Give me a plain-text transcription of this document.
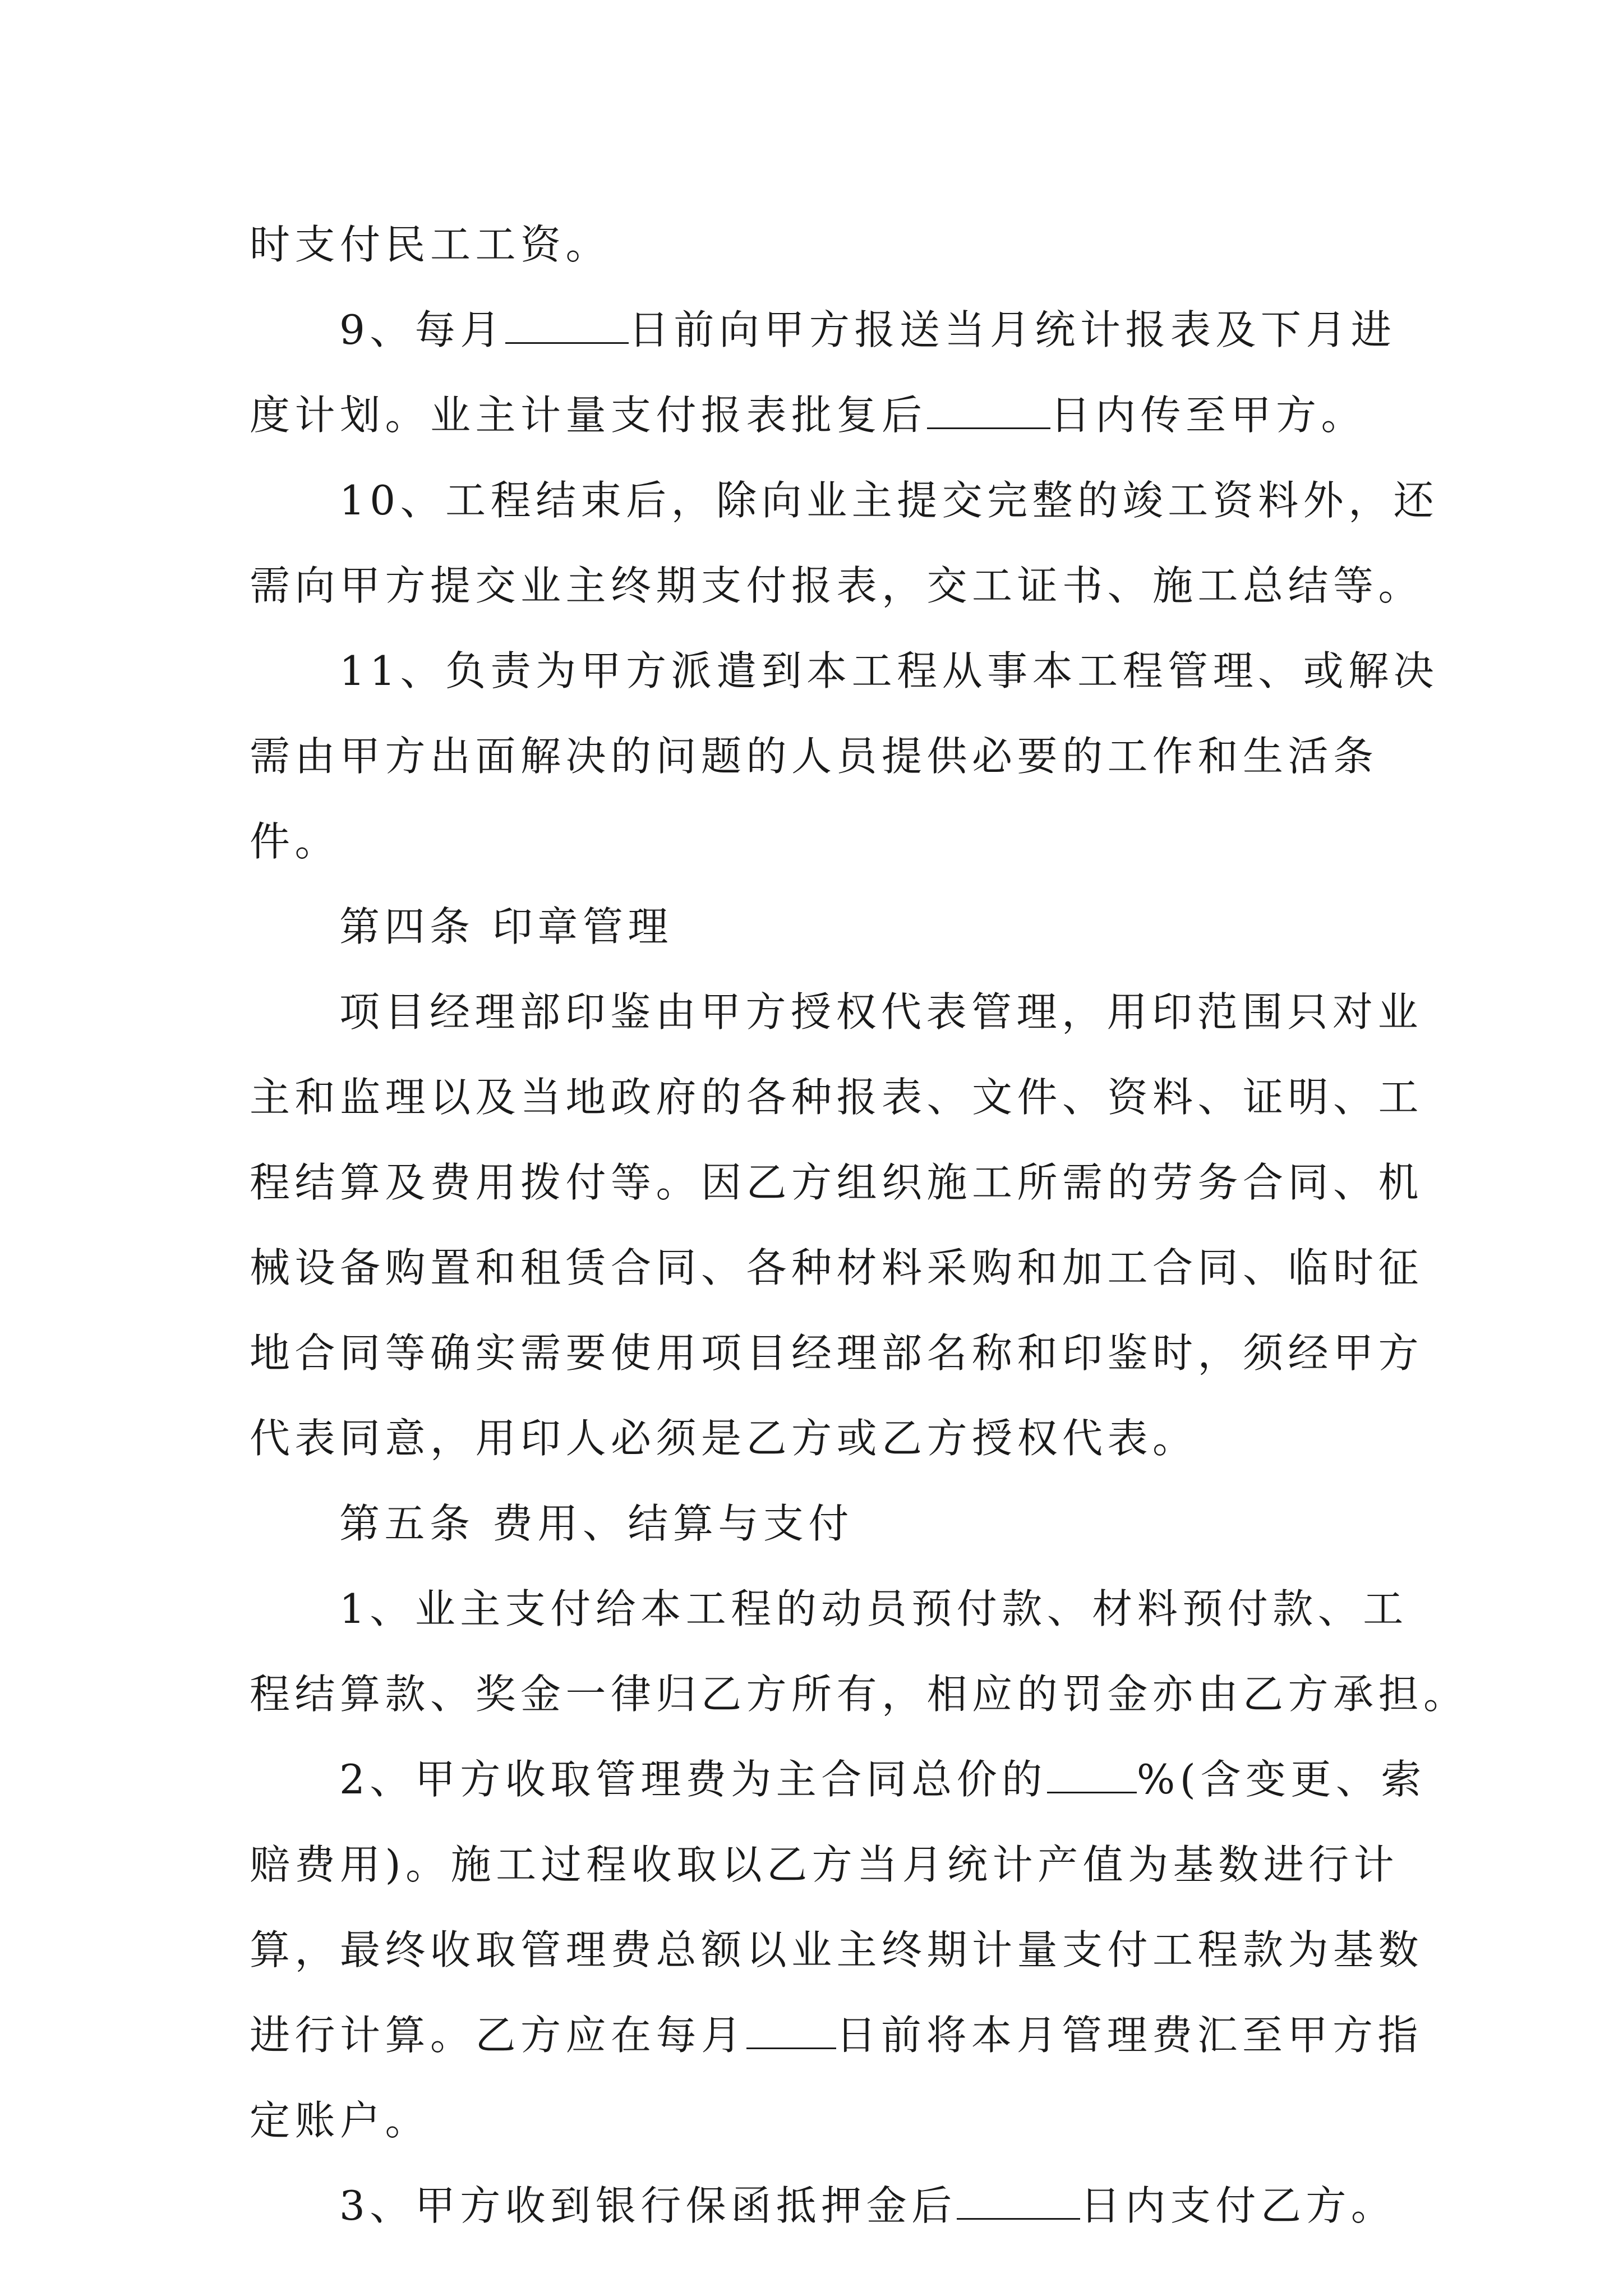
时支付民工工资。
9、每月	日前向甲方报送当月统计报表及下月进
度计划。业主计量支付报表批复后	日内传至甲方。
10、工程结束后，除向业主提交完整的竣工资料外，还
需向甲方提交业主终期支付报表，交工证书、施工总结等。
11、负责为甲方派遣到本工程从事本工程管理、或解决
需由甲方出面解决的问题的人员提供必要的工作和生活条
件。
第四条 印章管理
项目经理部印鉴由甲方授权代表管理，用印范围只对业
主和监理以及当地政府的各种报表、文件、资料、证明、工
程结算及费用拨付等。因乙方组织施工所需的劳务合同、机
械设备购置和租赁合同、各种材料采购和加工合同、临时征
地合同等确实需要使用项目经理部名称和印鉴时，须经甲方
代表同意，用印人必须是乙方或乙方授权代表。
第五条 费用、结算与支付
1、业主支付给本工程的动员预付款、材料预付款、工
程结算款、奖金一律归乙方所有，相应的罚金亦由乙方承担。
2、甲方收取管理费为主合同总价的 %(含变更、索
赔费用)。施工过程收取以乙方当月统计产值为基数进行计
算，最终收取管理费总额以业主终期计量支付工程款为基数
进行计算。乙方应在每月 日前将本月管理费汇至甲方指
定账户。
3、甲方收到银行保函抵押金后	日内支付乙方。
